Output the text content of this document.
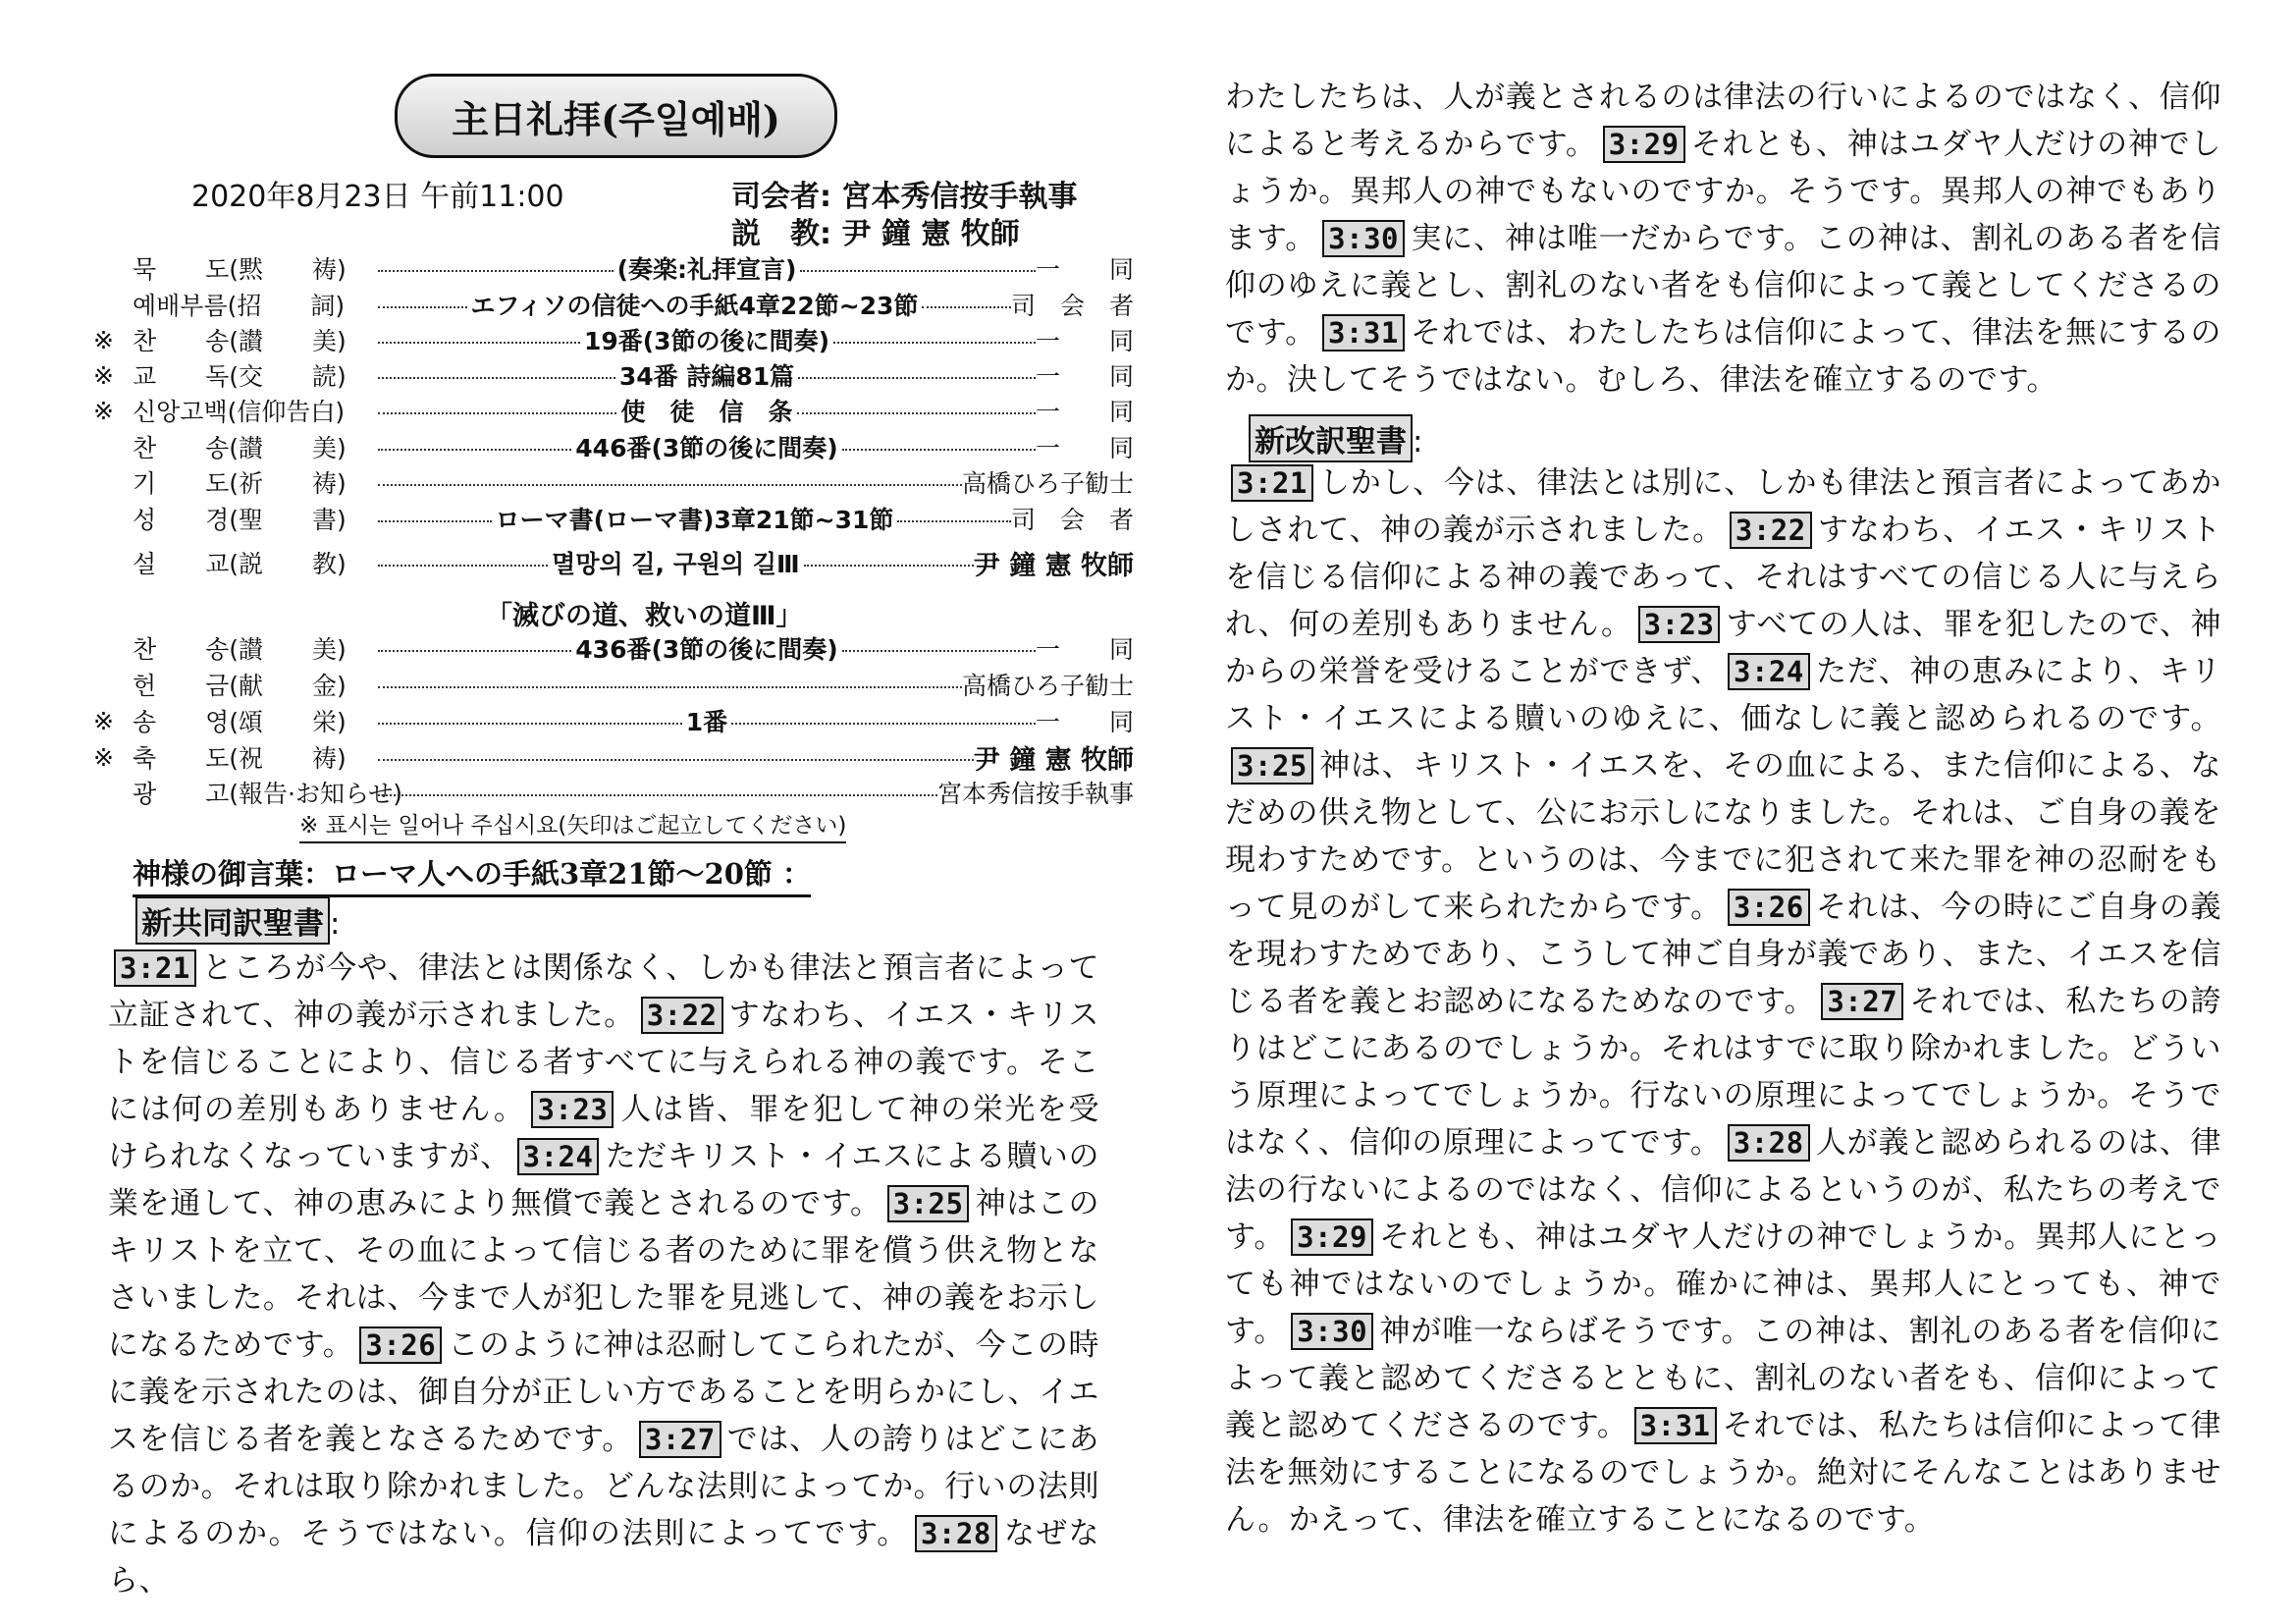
主日礼拝(주일예배)
2020年8月23日 午前11:00	司会者: 宮本秀信按手執事
説　教: 尹 鐘 憲 牧師
묵　　도(黙　　祷)	(奏楽:礼拝宣言)	一　　同
예배부름(招　　詞)	エフィソの信徒への手紙4章22節~23節	司　会　者
※ 찬　　송(讃　　美)	19番(3節の後に間奏)	一　　同
※ 교　　독(交　　読)	34番 詩編81篇	一　　同
※ 신앙고백(信仰告白)	使　徒　信　条	一　　同
찬　　송(讃　　美)	446番(3節の後に間奏)	一　　同
기　　도(祈　　祷)	高橋ひろ子勧士
성　　경(聖　　書)	ローマ書(ローマ書)3章21節~31節	司　会　者
설　　교(説　　教)	멸망의 길, 구원의 길Ⅲ	尹 鐘 憲 牧師
찬　　송(讃　　美)	436番(3節の後に間奏)	一　　同
헌　　금(献　　金)	高橋ひろ子勧士
※ 송　　영(頌　　栄)	1番	一　　同
※ 축　　도(祝　　祷)	尹 鐘 憲 牧師
광　　고(報告·お知らせ)	宮本秀信按手執事
「滅びの道、救いの道Ⅲ」
※ 표시는 일어나 주십시요(矢印はご起立してください)
神様の御言葉：ローマ人への手紙3章21節～20節 ：
新共同訳聖書 :
3:21 ところが今や、律法とは関係なく、しかも律法と預言者によって立証されて、神の義が示されました。 3:22 すなわち、イエス・キリストを信じることにより、信じる者すべてに与えられる神の義です。そこには何の差別もありません。 3:23 人は皆、罪を犯して神の栄光を受けられなくなっていますが、 3:24 ただキリスト・イエスによる贖いの業を通して、神の恵みにより無償で義とされるのです。 3:25 神はこのキリストを立て、その血によって信じる者のために罪を償う供え物となさいました。それは、今まで人が犯した罪を見逃して、神の義をお示しになるためです。 3:26 このように神は忍耐してこられたが、今この時に義を示されたのは、御自分が正しい方であることを明らかにし、イエスを信じる者を義となさるためです。 3:27 では、人の誇りはどこにあるのか。それは取り除かれました。どんな法則によってか。行いの法則によるのか。そうではない。信仰の法則によってです。 3:28 なぜなら、
わたしたちは、人が義とされるのは律法の行いによるのではなく、信仰によると考えるからです。 3:29 それとも、神はユダヤ人だけの神でしょうか。異邦人の神でもないのですか。そうです。異邦人の神でもあります。 3:30 実に、神は唯一だからです。この神は、割礼のある者を信仰のゆえに義とし、割礼のない者をも信仰によって義としてくださるのです。 3:31 それでは、わたしたちは信仰によって、律法を無にするのか。決してそうではない。むしろ、律法を確立するのです。
新改訳聖書 :
3:21 しかし、今は、律法とは別に、しかも律法と預言者によってあかしされて、神の義が示されました。 3:22 すなわち、イエス・キリストを信じる信仰による神の義であって、それはすべての信じる人に与えられ、何の差別もありません。 3:23 すべての人は、罪を犯したので、神からの栄誉を受けることができず、 3:24 ただ、神の恵みにより、キリスト・イエスによる贖いのゆえに、価なしに義と認められるのです。3:25 神は、キリスト・イエスを、その血による、また信仰による、なだめの供え物として、公にお示しになりました。それは、ご自身の義を現わすためです。というのは、今までに犯されて来た罪を神の忍耐をもって見のがして来られたからです。 3:26 それは、今の時にご自身の義を現わすためであり、こうして神ご自身が義であり、また、イエスを信じる者を義とお認めになるためなのです。 3:27 それでは、私たちの誇りはどこにあるのでしょうか。それはすでに取り除かれました。どういう原理によってでしょうか。行ないの原理によってでしょうか。そうではなく、信仰の原理によってです。 3:28 人が義と認められるのは、律法の行ないによるのではなく、信仰によるというのが、私たちの考えです。 3:29 それとも、神はユダヤ人だけの神でしょうか。異邦人にとっても神ではないのでしょうか。確かに神は、異邦人にとっても、神です。 3:30 神が唯一ならばそうです。この神は、割礼のある者を信仰によって義と認めてくださるとともに、割礼のない者をも、信仰によって義と認めてくださるのです。 3:31 それでは、私たちは信仰によって律法を無効にすることになるのでしょうか。絶対にそんなことはありません。かえって、律法を確立することになるのです。
